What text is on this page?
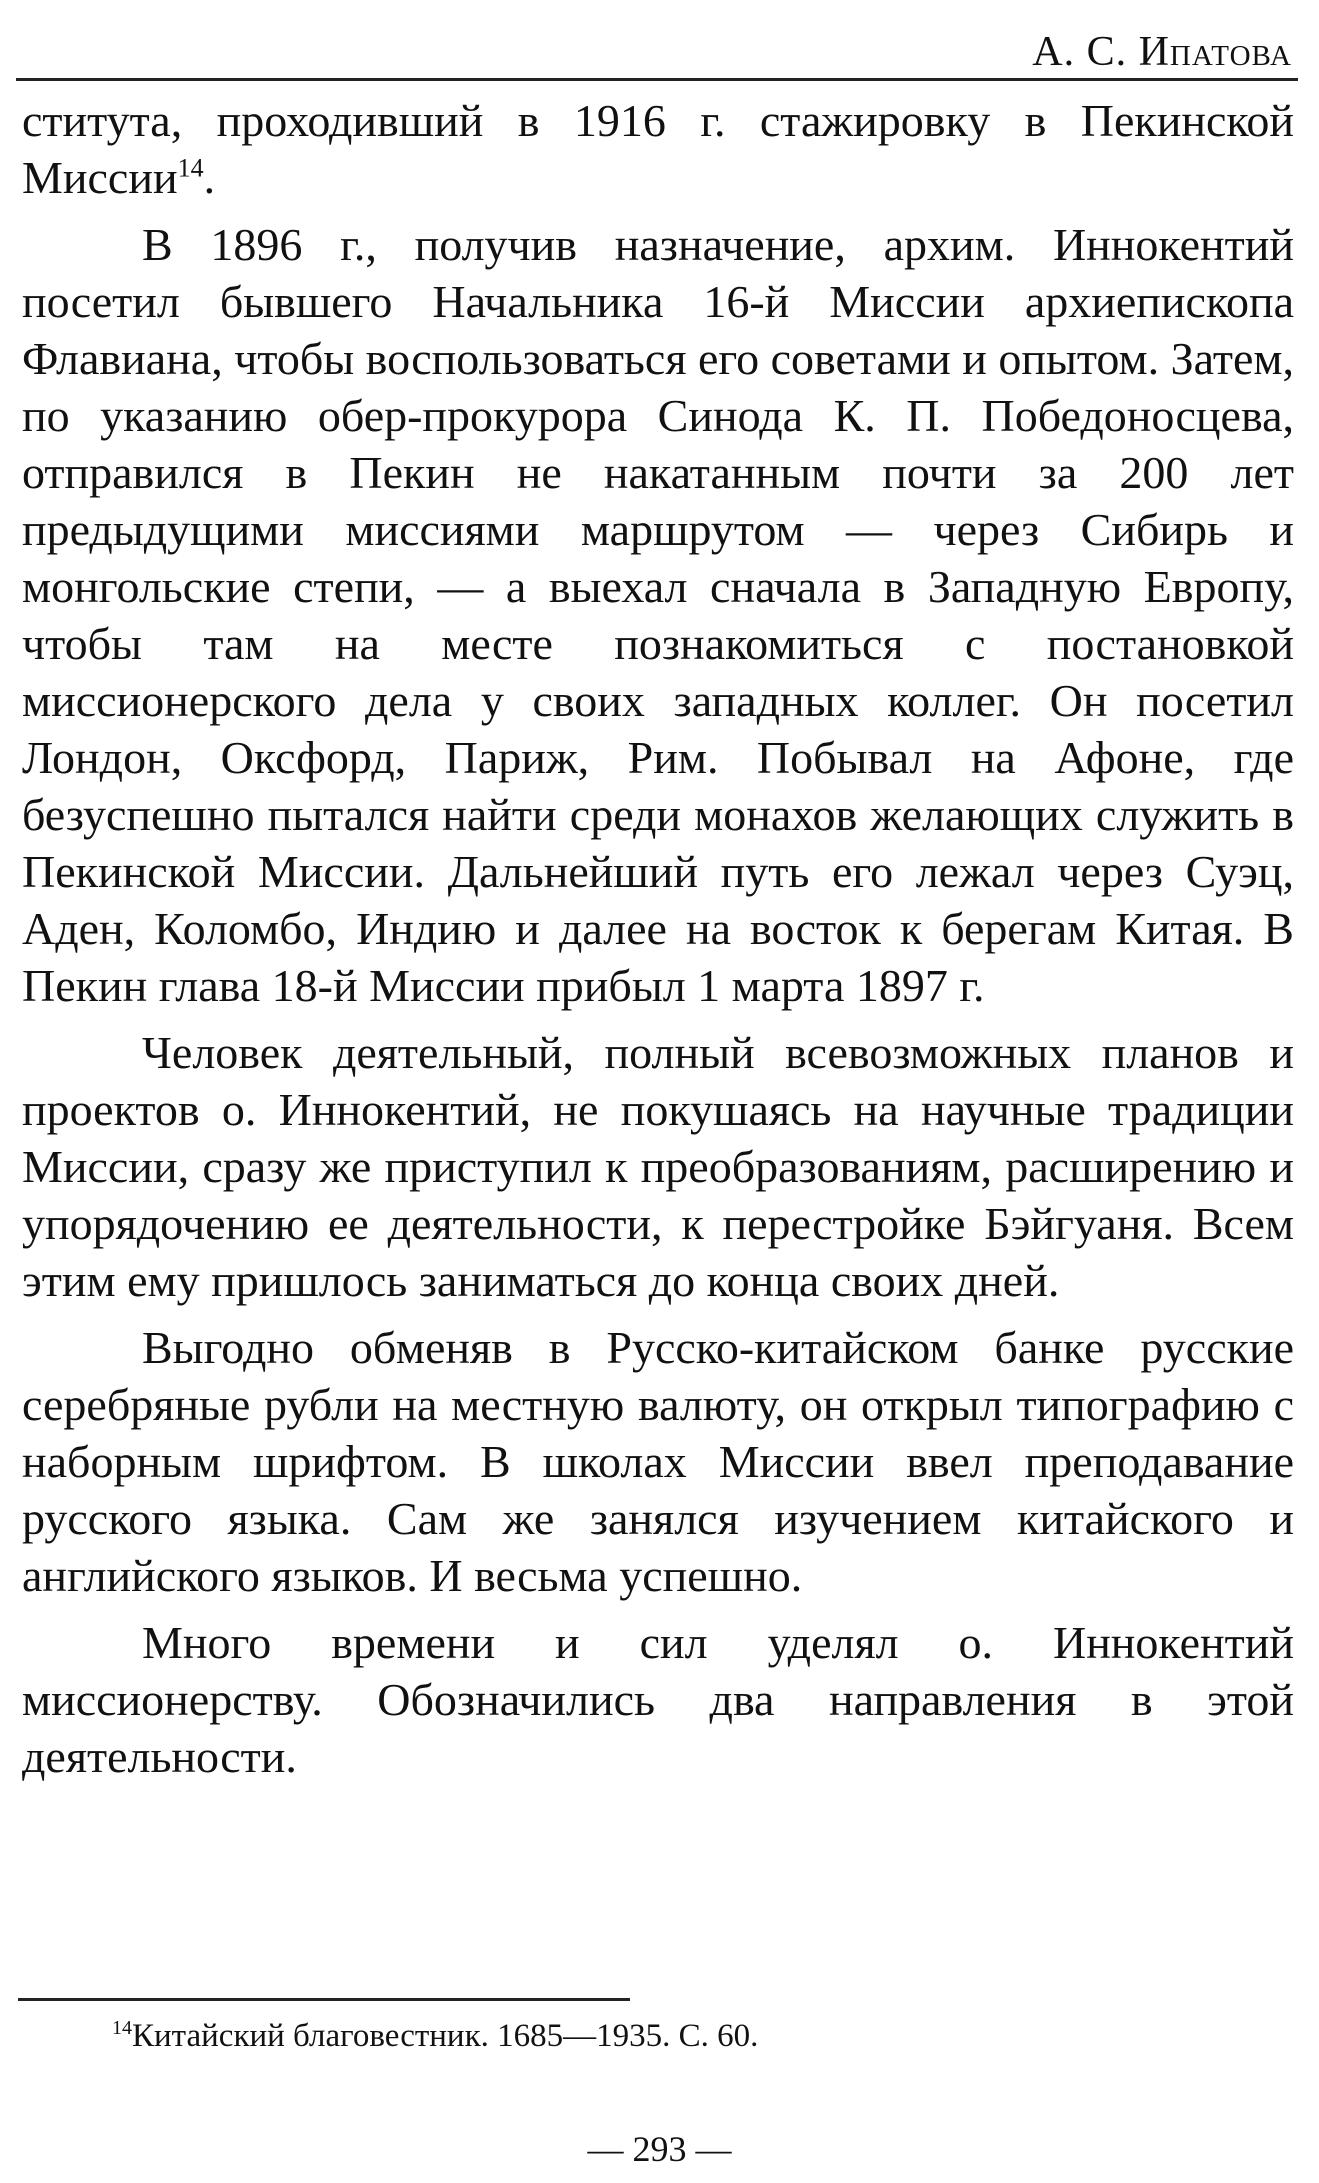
А. С. Ипатова

ститута, проходивший в 1916 г. стажировку в Пекинской Миссии$^{14}$.

В 1896 г., получив назначение, архим. Иннокентий посетил бывшего Начальника 16-й Миссии архиепископа Флавиана, чтобы воспользоваться его советами и опытом. Затем, по указанию обер-прокурора Синода К. П. Победоносцева, отправился в Пекин не накатанным почти за 200 лет предыдущими миссиями маршрутом — через Сибирь и монгольские степи, — а выехал сначала в Западную Европу, чтобы там на месте познакомиться с постановкой миссионерского дела у своих западных коллег. Он посетил Лондон, Оксфорд, Париж, Рим. Побывал на Афоне, где безуспешно пытался найти среди монахов желающих служить в Пекинской Миссии. Дальнейший путь его лежал через Суэц, Аден, Коломбо, Индию и далее на восток к берегам Китая. В Пекин глава 18-й Миссии прибыл 1 марта 1897 г.

Человек деятельный, полный всевозможных планов и проектов о. Иннокентий, не покушаясь на научные традиции Миссии, сразу же приступил к преобразованиям, расширению и упорядочению ее деятельности, к перестройке Бэйгуаня. Всем этим ему пришлось заниматься до конца своих дней.

Выгодно обменяв в Русско-китайском банке русские серебряные рубли на местную валюту, он открыл типографию с наборным шрифтом. В школах Миссии ввел преподавание русского языка. Сам же занялся изучением китайского и английского языков. И весьма успешно.

Много времени и сил уделял о. Иннокентий миссионерству. Обозначились два направления в этой деятельности.

$^{14}$Китайский благовестник. 1685—1935. С. 60.
— 293 —
